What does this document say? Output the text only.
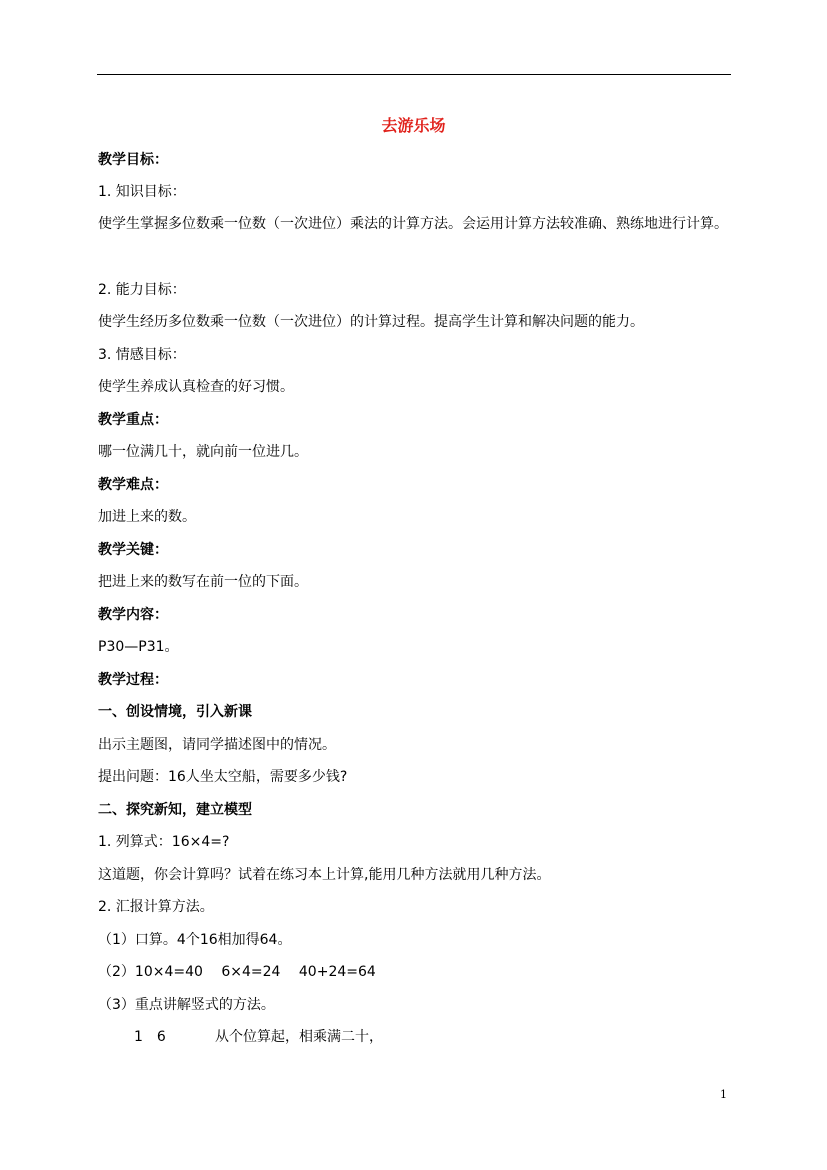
去游乐场
教学目标：
1. 知识目标：
使学生掌握多位数乘一位数（一次进位）乘法的计算方法。会运用计算方法较准确、熟练地进行计算。
2. 能力目标：
使学生经历多位数乘一位数（一次进位）的计算过程。提高学生计算和解决问题的能力。
3. 情感目标：
使学生养成认真检查的好习惯。
教学重点：
哪一位满几十，就向前一位进几。
教学难点：
加进上来的数。
教学关键：
把进上来的数写在前一位的下面。
教学内容：
P30—P31。
教学过程：
一、创设情境，引入新课
出示主题图，请同学描述图中的情况。
提出问题：16人坐太空船，需要多少钱?
二、探究新知，建立模型
1. 列算式：16×4=?
这道题，你会计算吗？试着在练习本上计算,能用几种方法就用几种方法。
2. 汇报计算方法。
（1）口算。4个16相加得64。
（2）10×4=40　 6×4=24　 40+24=64
（3）重点讲解竖式的方法。
1　6	从个位算起，相乘满二十，
1
